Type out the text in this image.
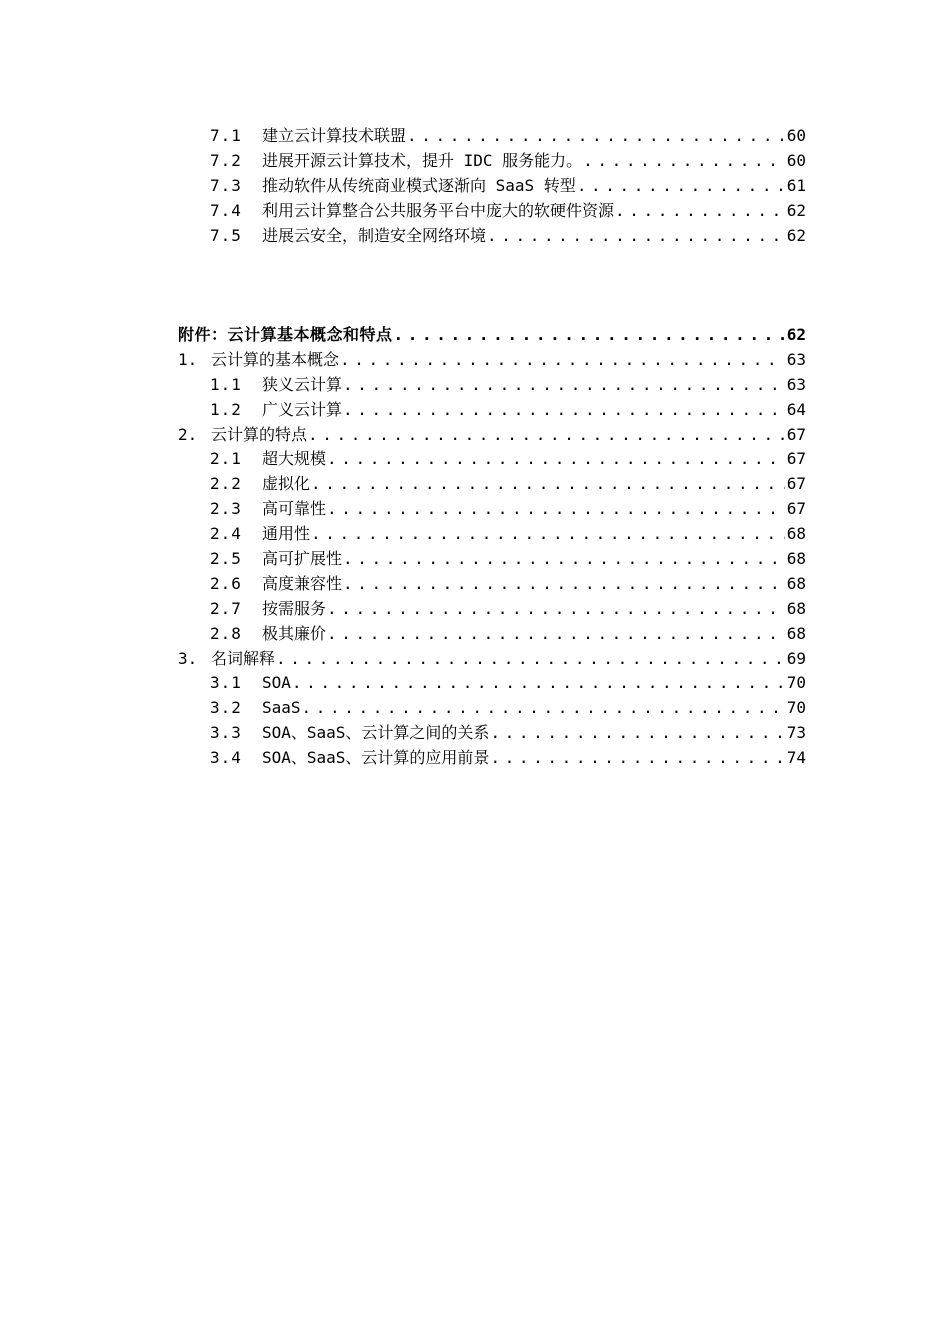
7.1	建立云计算技术联盟 .....	60
7.2	进展开源云计算技术，提升 IDC 服务能力。 .....	60
7.3	推动软件从传统商业模式逐渐向 SaaS 转型 .....	61
7.4	利用云计算整合公共服务平台中庞大的软硬件资源 .....	62
7.5	进展云安全，制造安全网络环境 .....	62
附件：云计算基本概念和特点 .....	62
1. 云计算的基本概念 .....	63
1.1	狭义云计算 .....	63
1.2	广义云计算 .....	64
2. 云计算的特点 .....	67
2.1	超大规模 .....	67
2.2	虚拟化 .....	67
2.3	高可靠性 .....	67
2.4	通用性 .....	68
2.5	高可扩展性 .....	68
2.6	高度兼容性 .....	68
2.7	按需服务 .....	68
2.8	极其廉价 .....	68
3. 名词解释 .....	69
3.1	SOA .....	70
3.2	SaaS .....	70
3.3	SOA、SaaS、云计算之间的关系 .....	73
3.4	SOA、SaaS、云计算的应用前景 .....	74
